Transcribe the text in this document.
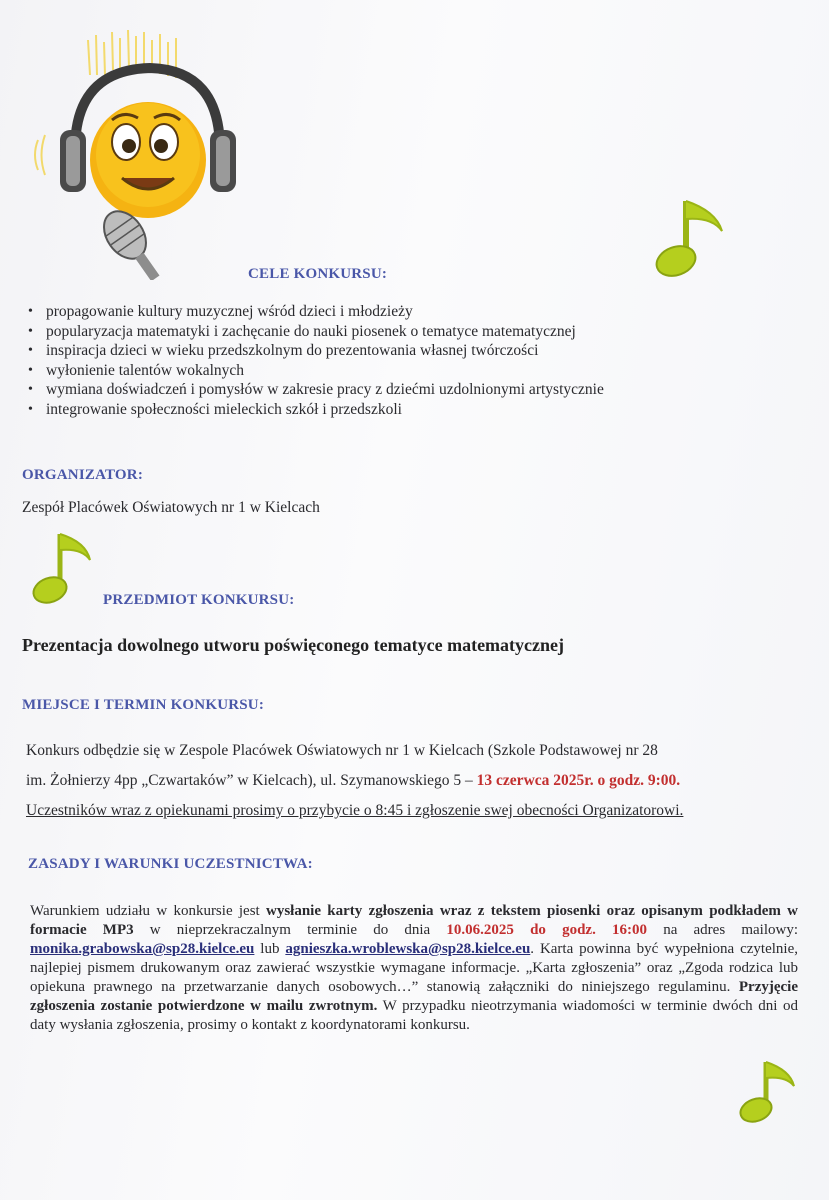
CELE KONKURSU:
• propagowanie kultury muzycznej wśród dzieci i młodzieży
• popularyzacja matematyki i zachęcanie do nauki piosenek o tematyce matematycznej
• inspiracja dzieci w wieku przedszkolnym do prezentowania własnej twórczości
• wyłonienie talentów wokalnych
• wymiana doświadczeń i pomysłów w zakresie pracy z dziećmi uzdolnionymi artystycznie
• integrowanie społeczności mieleckich szkół i przedszkoli
ORGANIZATOR:
Zespół Placówek Oświatowych nr 1 w Kielcach
PRZEDMIOT KONKURSU:
Prezentacja dowolnego utworu poświęconego tematyce matematycznej
MIEJSCE I TERMIN KONKURSU:
Konkurs odbędzie się w Zespole Placówek Oświatowych nr 1 w Kielcach (Szkole Podstawowej nr 28
im. Żołnierzy 4pp „Czwartaków” w Kielcach), ul. Szymanowskiego 5 – 13 czerwca 2025r. o godz. 9:00.
Uczestników wraz z opiekunami prosimy o przybycie o 8:45 i zgłoszenie swej obecności Organizatorowi.
ZASADY I WARUNKI UCZESTNICTWA:
Warunkiem udziału w konkursie jest wysłanie karty zgłoszenia wraz z tekstem piosenki oraz opisanym podkładem w formacie MP3 w nieprzekraczalnym terminie do dnia 10.06.2025 do godz. 16:00 na adres mailowy: monika.grabowska@sp28.kielce.eu lub agnieszka.wroblewska@sp28.kielce.eu. Karta powinna być wypełniona czytelnie, najlepiej pismem drukowanym oraz zawierać wszystkie wymagane informacje. „Karta zgłoszenia” oraz „Zgoda rodzica lub opiekuna prawnego na przetwarzanie danych osobowych…” stanowią załączniki do niniejszego regulaminu. Przyjęcie zgłoszenia zostanie potwierdzone w mailu zwrotnym. W przypadku nieotrzymania wiadomości w terminie dwóch dni od daty wysłania zgłoszenia, prosimy o kontakt z koordynatorami konkursu.
